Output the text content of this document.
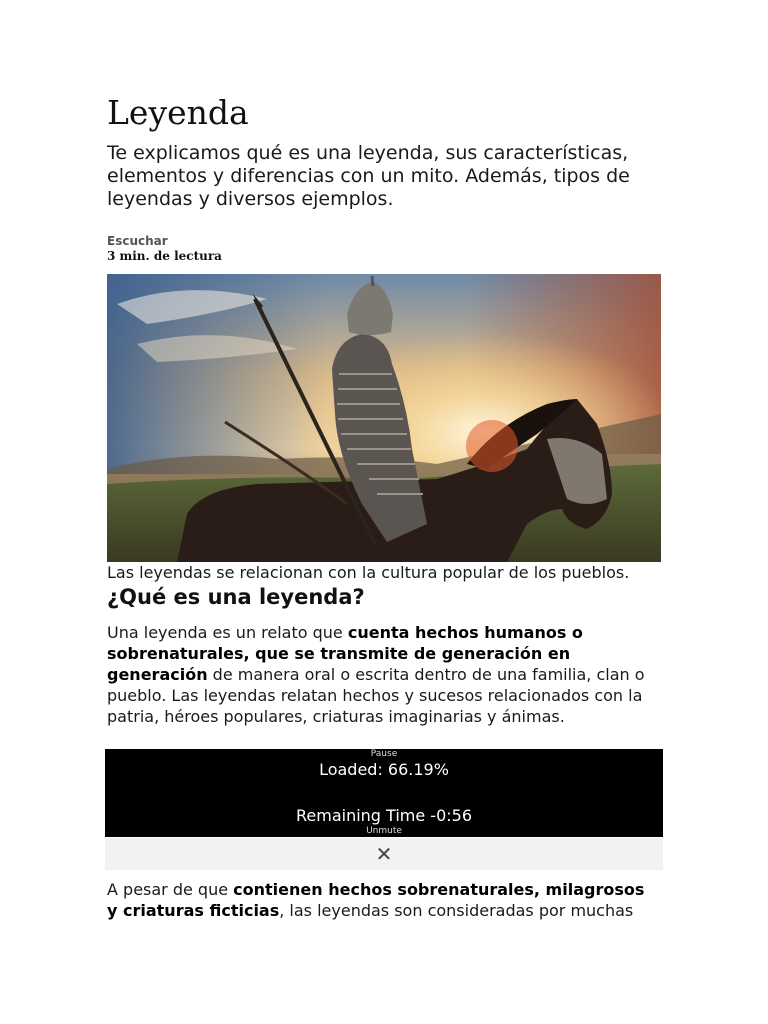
Leyenda

Te explicamos qué es una leyenda, sus características, elementos y diferencias con un mito. Además, tipos de leyendas y diversos ejemplos.

Escuchar
3 min. de lectura

Las leyendas se relacionan con la cultura popular de los pueblos.

¿Qué es una leyenda?

Una leyenda es un relato que cuenta hechos humanos o sobrenaturales, que se transmite de generación en generación de manera oral o escrita dentro de una familia, clan o pueblo. Las leyendas relatan hechos y sucesos relacionados con la patria, héroes populares, criaturas imaginarias y ánimas.

Pause
Loaded: 66.19%
Remaining Time -0:56
Unmute
✕

A pesar de que contienen hechos sobrenaturales, milagrosos y criaturas ficticias, las leyendas son consideradas por muchas
